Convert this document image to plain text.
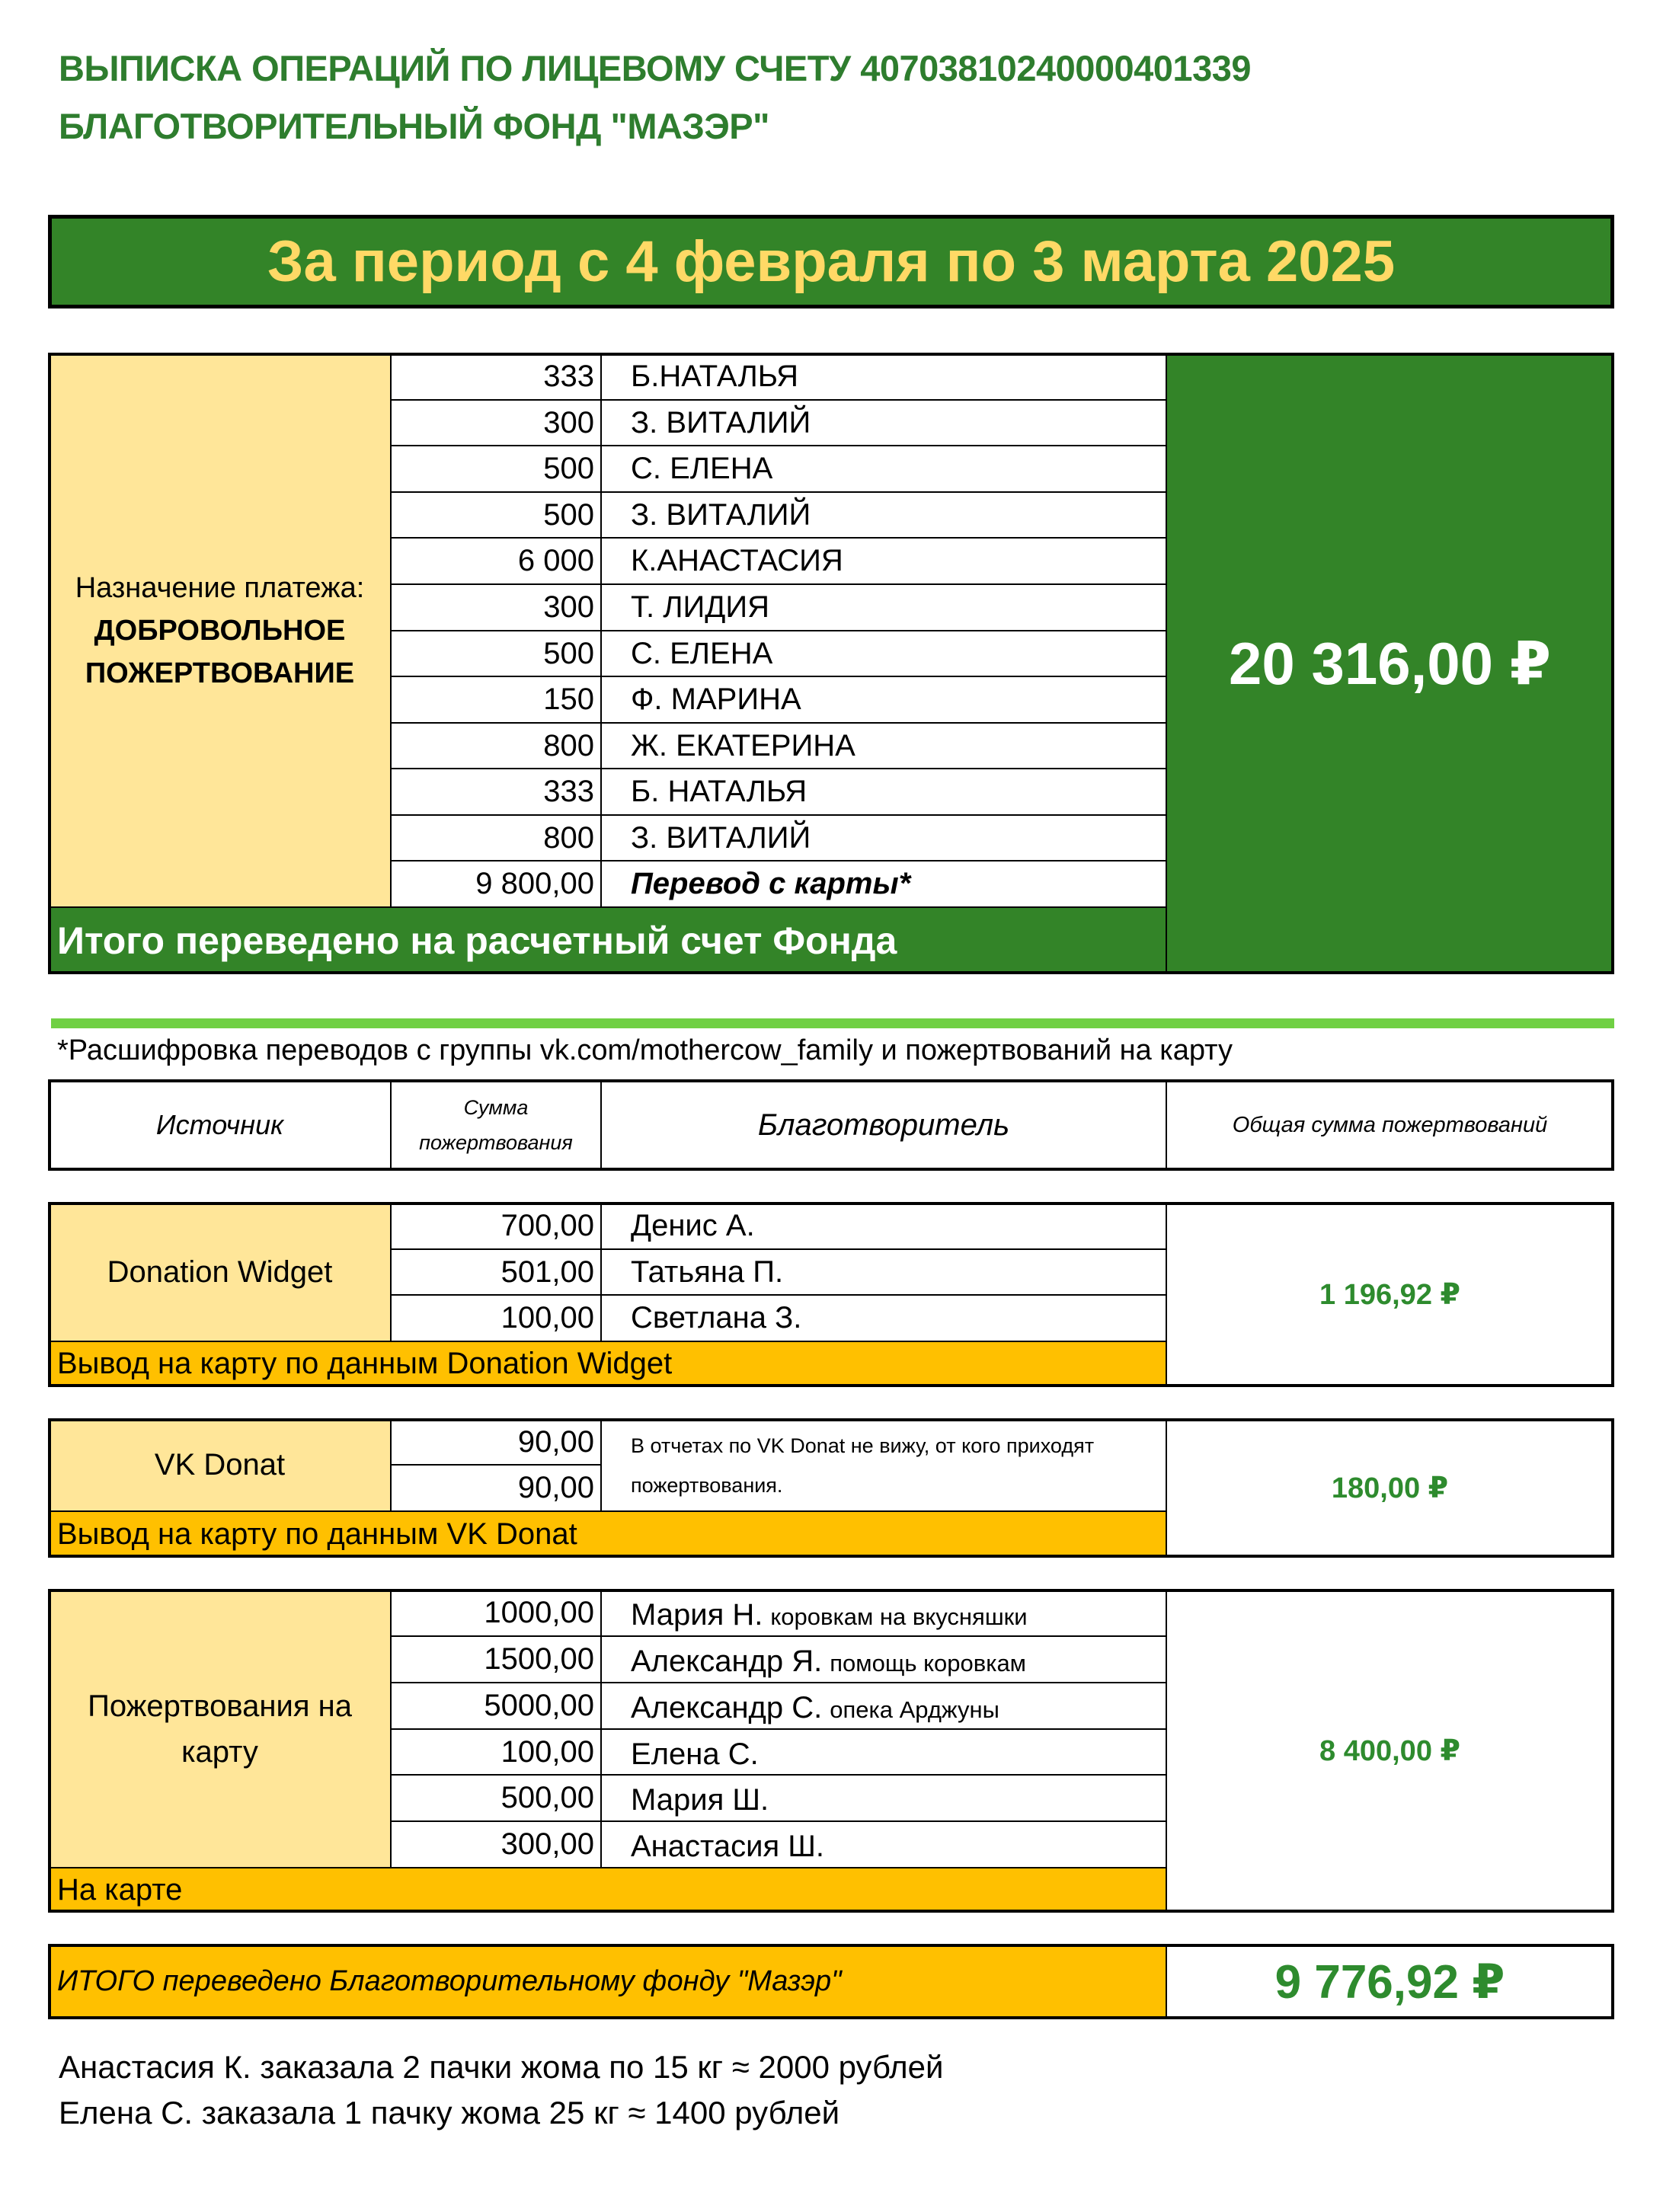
ВЫПИСКА ОПЕРАЦИЙ ПО ЛИЦЕВОМУ СЧЕТУ 40703810240000401339
БЛАГОТВОРИТЕЛЬНЫЙ ФОНД "МАЗЭР"
За период с 4 февраля по 3 марта 2025
Назначение платежа:
ДОБРОВОЛЬНОЕ
ПОЖЕРТВОВАНИЕ
333 Б.НАТАЛЬЯ
300 З. ВИТАЛИЙ
500 С. ЕЛЕНА
500 З. ВИТАЛИЙ
6 000 К.АНАСТАСИЯ
300 Т. ЛИДИЯ
500 С. ЕЛЕНА
150 Ф. МАРИНА
800 Ж. ЕКАТЕРИНА
333 Б. НАТАЛЬЯ
800 З. ВИТАЛИЙ
9 800,00 Перевод с карты*
20 316,00 ₽
Итого переведено на расчетный счет Фонда
*Расшифровка переводов с группы vk.com/mothercow_family и пожертвований на карту
Источник
Сумма
пожертвования
Благотворитель	Общая сумма пожертвований
Donation Widget
700,00 Денис А.
501,00 Татьяна П.
100,00 Светлана З.
Вывод на карту по данным Donation Widget
1 196,92 ₽
VK Donat
90,00
90,00
В отчетах по VK Donat не вижу, от кого приходят
пожертвования.
Вывод на карту по данным VK Donat
180,00 ₽
Пожертвования на
карту
1000,00 Мария Н. коровкам на вкусняшки
1500,00 Александр Я. помощь коровкам
5000,00 Александр С. опека Арджуны
100,00 Елена С.
500,00 Мария Ш.
300,00 Анастасия Ш.
На карте
8 400,00 ₽
ИТОГО переведено Благотворительному фонду "Мазэр"	9 776,92 ₽
Анастасия К. заказала 2 пачки жома по 15 кг ≈ 2000 рублей
Елена С. заказала 1 пачку жома 25 кг ≈ 1400 рублей
